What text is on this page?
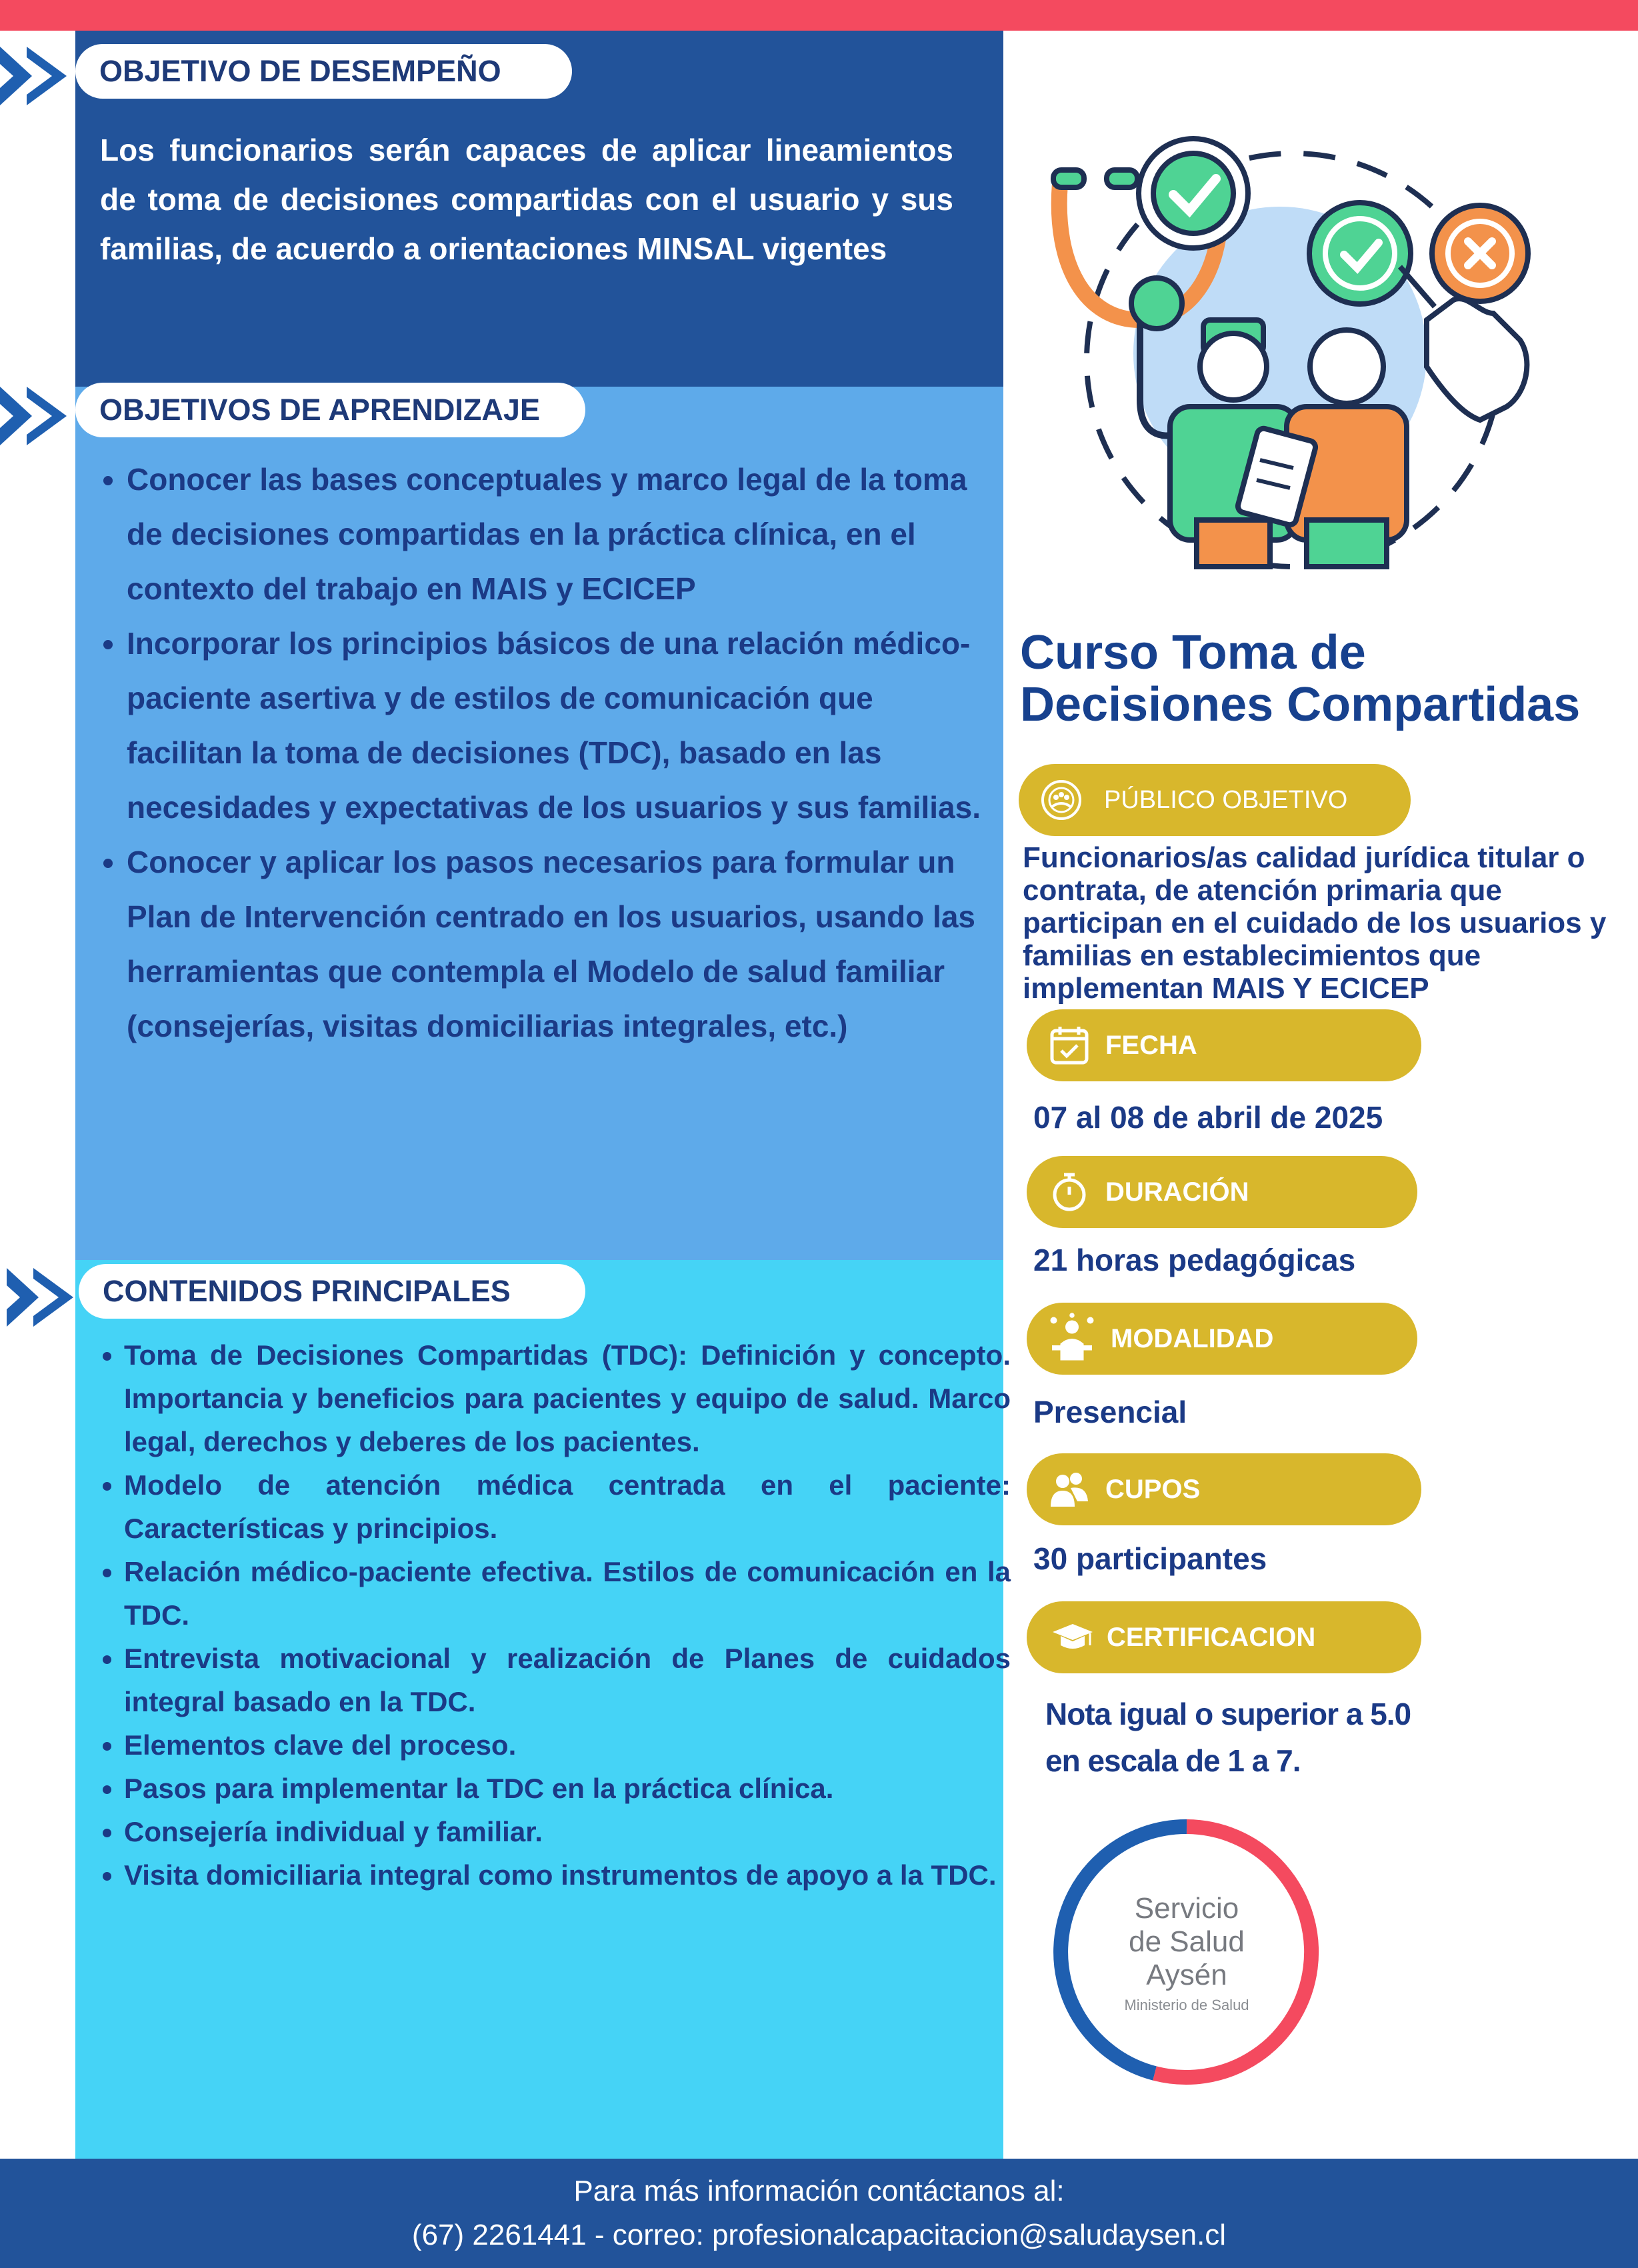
OBJETIVO DE DESEMPEÑO
Los funcionarios serán capaces de aplicar lineamientos de toma de decisiones compartidas con el usuario y sus familias, de acuerdo a orientaciones MINSAL vigentes
OBJETIVOS DE APRENDIZAJE
• Conocer las bases conceptuales y marco legal de la toma de decisiones compartidas en la práctica clínica, en el contexto del trabajo en MAIS y ECICEP
• Incorporar los principios básicos de una relación médico-paciente asertiva y de estilos de comunicación que facilitan la toma de decisiones (TDC), basado en las necesidades y expectativas de los usuarios y sus familias.
• Conocer y aplicar los pasos necesarios para formular un Plan de Intervención centrado en los usuarios, usando las herramientas que contempla el Modelo de salud familiar (consejerías, visitas domiciliarias integrales, etc.)
CONTENIDOS PRINCIPALES
• Toma de Decisiones Compartidas (TDC): Definición y concepto. Importancia y beneficios para pacientes y equipo de salud. Marco legal, derechos y deberes de los pacientes.
• Modelo de atención médica centrada en el paciente: Características y principios.
• Relación médico-paciente efectiva. Estilos de comunicación en la TDC.
• Entrevista motivacional y realización de Planes de cuidados integral basado en la TDC.
• Elementos clave del proceso.
• Pasos para implementar la TDC en la práctica clínica.
• Consejería individual y familiar.
• Visita domiciliaria integral como instrumentos de apoyo a la TDC.
Curso Toma de
Decisiones Compartidas
PÚBLICO OBJETIVO
Funcionarios/as calidad jurídica titular o contrata, de atención primaria que participan en el cuidado de los usuarios y familias en establecimientos que implementan MAIS Y ECICEP
FECHA
07 al 08 de abril de 2025
DURACIÓN
21 horas pedagógicas
MODALIDAD
Presencial
CUPOS
30 participantes
CERTIFICACION
Nota igual o superior a 5.0
en escala de 1 a 7.
Servicio
de Salud
Aysén
Ministerio de Salud
Para más información contáctanos al:
(67) 2261441 - correo: profesionalcapacitacion@saludaysen.cl
